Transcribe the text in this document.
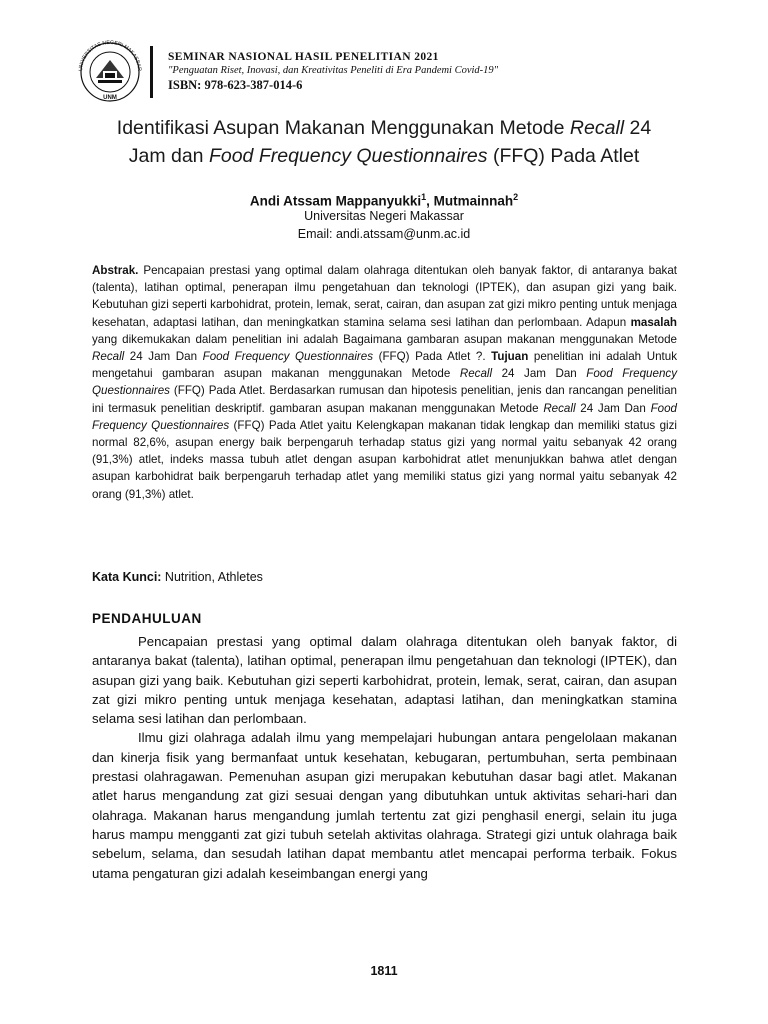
UNIVERSITAS NEGERI MAKASSAR
UNM
SEMINAR NASIONAL HASIL PENELITIAN 2021
"Penguatan Riset, Inovasi, dan Kreativitas Peneliti di Era Pandemi Covid-19"
ISBN: 978-623-387-014-6
Identifikasi Asupan Makanan Menggunakan Metode Recall 24
Jam dan Food Frequency Questionnaires (FFQ) Pada Atlet
Andi Atssam Mappanyukki$^1$, Mutmainnah$^2$
Universitas Negeri Makassar
Email: andi.atssam@unm.ac.id
Abstrak. Pencapaian prestasi yang optimal dalam olahraga ditentukan oleh banyak faktor, di antaranya bakat (talenta), latihan optimal, penerapan ilmu pengetahuan dan teknologi (IPTEK), dan asupan gizi yang baik. Kebutuhan gizi seperti karbohidrat, protein, lemak, serat, cairan, dan asupan zat gizi mikro penting untuk menjaga kesehatan, adaptasi latihan, dan meningkatkan stamina selama sesi latihan dan perlombaan. Adapun masalah yang dikemukakan dalam penelitian ini adalah Bagaimana gambaran asupan makanan menggunakan Metode Recall 24 Jam Dan Food Frequency Questionnaires (FFQ) Pada Atlet ?. Tujuan penelitian ini adalah Untuk mengetahui gambaran asupan makanan menggunakan Metode Recall 24 Jam Dan Food Frequency Questionnaires (FFQ) Pada Atlet. Berdasarkan rumusan dan hipotesis penelitian, jenis dan rancangan penelitian ini termasuk penelitian deskriptif. gambaran asupan makanan menggunakan Metode Recall 24 Jam Dan Food Frequency Questionnaires (FFQ) Pada Atlet yaitu Kelengkapan makanan tidak lengkap dan memiliki status gizi normal 82,6%, asupan energy baik berpengaruh terhadap status gizi yang normal yaitu sebanyak 42 orang (91,3%) atlet, indeks massa tubuh atlet dengan asupan karbohidrat atlet menunjukkan bahwa atlet dengan asupan karbohidrat baik berpengaruh terhadap atlet yang memiliki status gizi yang normal yaitu sebanyak 42 orang (91,3%) atlet.
Kata Kunci: Nutrition, Athletes
PENDAHULUAN

Pencapaian prestasi yang optimal dalam olahraga ditentukan oleh banyak faktor, di antaranya bakat (talenta), latihan optimal, penerapan ilmu pengetahuan dan teknologi (IPTEK), dan asupan gizi yang baik. Kebutuhan gizi seperti karbohidrat, protein, lemak, serat, cairan, dan asupan zat gizi mikro penting untuk menjaga kesehatan, adaptasi latihan, dan meningkatkan stamina selama sesi latihan dan perlombaan.

Ilmu gizi olahraga adalah ilmu yang mempelajari hubungan antara pengelolaan makanan dan kinerja fisik yang bermanfaat untuk kesehatan, kebugaran, pertumbuhan, serta pembinaan prestasi olahragawan. Pemenuhan asupan gizi merupakan kebutuhan dasar bagi atlet. Makanan atlet harus mengandung zat gizi sesuai dengan yang dibutuhkan untuk aktivitas sehari-hari dan olahraga. Makanan harus mengandung jumlah tertentu zat gizi penghasil energi, selain itu juga harus mampu mengganti zat gizi tubuh setelah aktivitas olahraga. Strategi gizi untuk olahraga baik sebelum, selama, dan sesudah latihan dapat membantu atlet mencapai performa terbaik. Fokus utama pengaturan gizi adalah keseimbangan energi yang

1811
